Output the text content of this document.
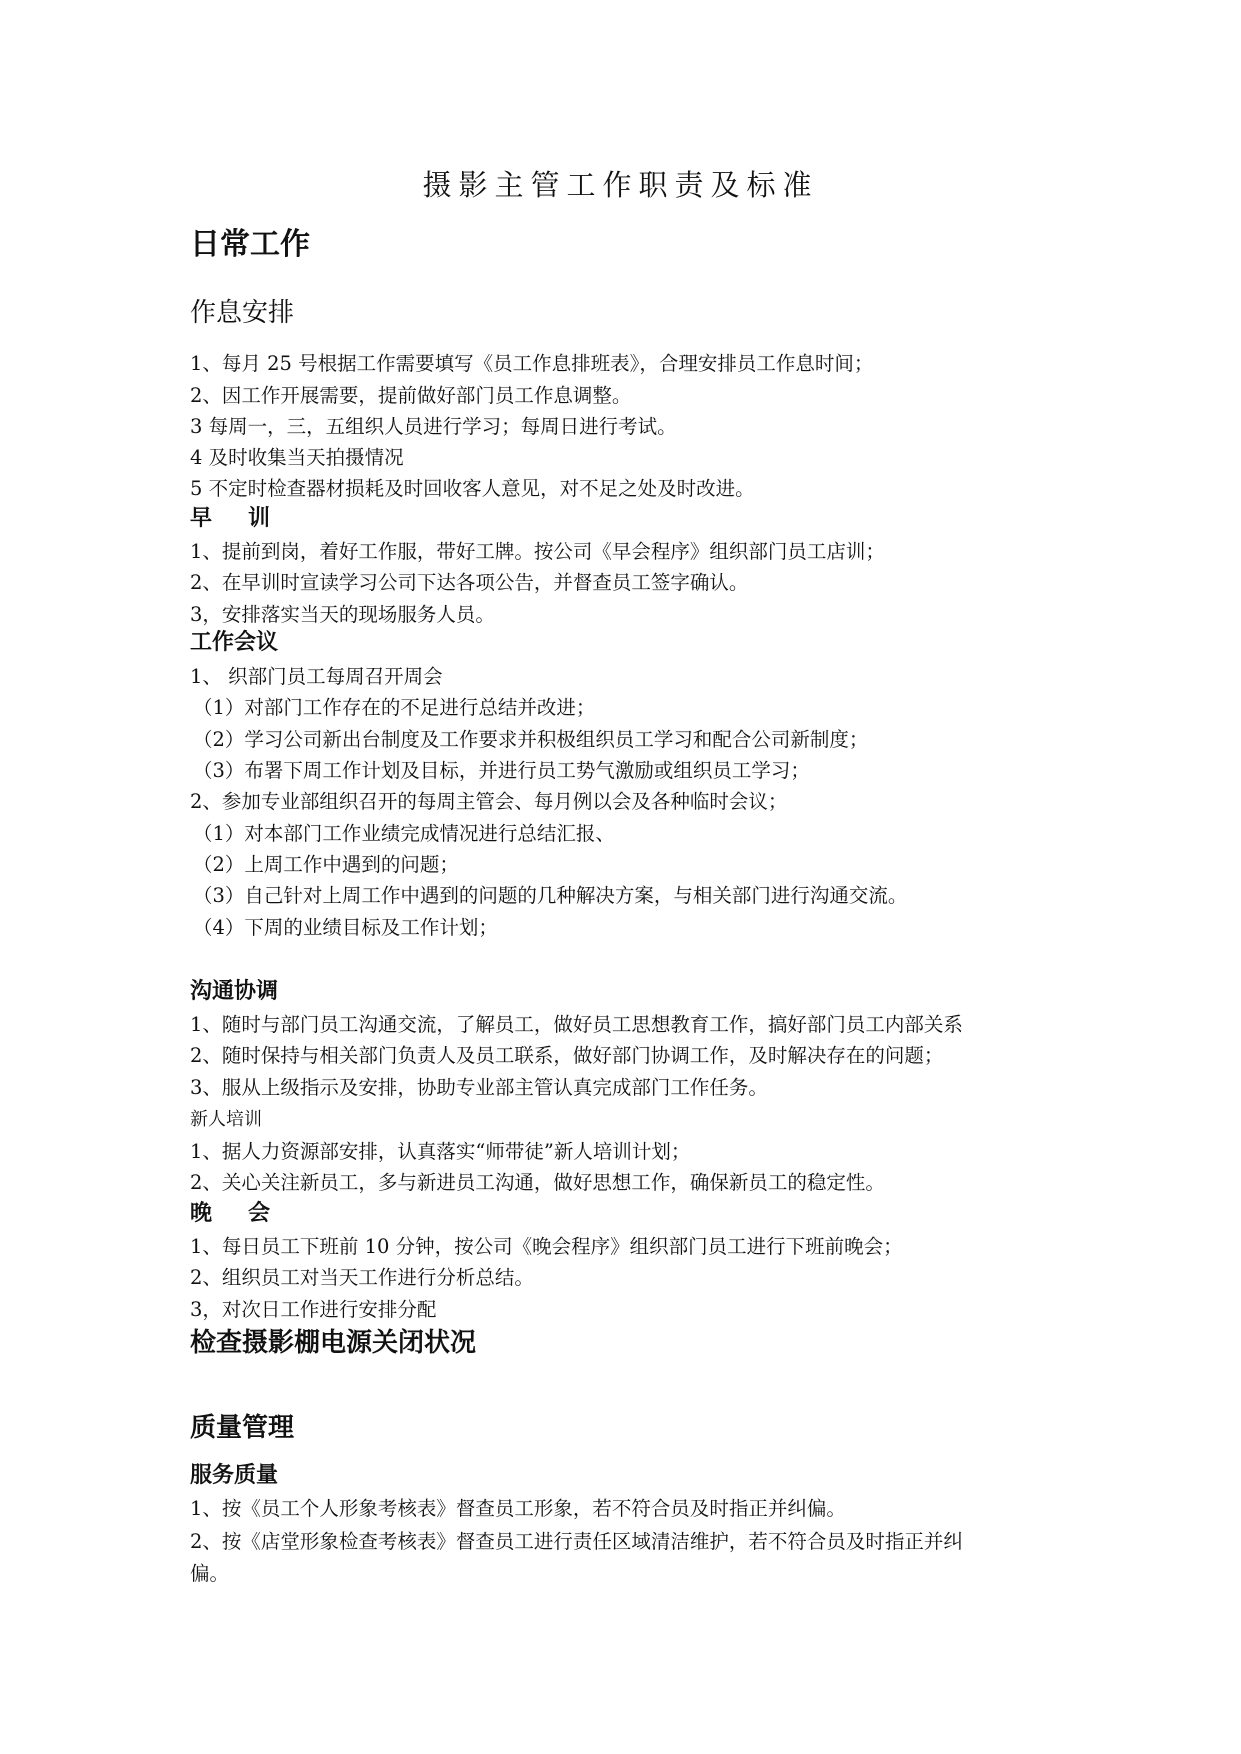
摄影主管工作职责及标准
日常工作
作息安排
1、每月 25 号根据工作需要填写《员工作息排班表》，合理安排员工作息时间；
2、因工作开展需要，提前做好部门员工作息调整。
3 每周一，三，五组织人员进行学习；每周日进行考试。
4 及时收集当天拍摄情况
5 不定时检查器材损耗及时回收客人意见，对不足之处及时改进。
早训
1、提前到岗，着好工作服，带好工牌。按公司《早会程序》组织部门员工店训；
2、在早训时宣读学习公司下达各项公告，并督查员工签字确认。
3，安排落实当天的现场服务人员。
工作会议
1、 织部门员工每周召开周会
（1）对部门工作存在的不足进行总结并改进；
（2）学习公司新出台制度及工作要求并积极组织员工学习和配合公司新制度；
（3）布署下周工作计划及目标，并进行员工势气激励或组织员工学习；
2、参加专业部组织召开的每周主管会、每月例以会及各种临时会议；
（1）对本部门工作业绩完成情况进行总结汇报、
（2）上周工作中遇到的问题；
（3）自己针对上周工作中遇到的问题的几种解决方案，与相关部门进行沟通交流。
（4）下周的业绩目标及工作计划；
沟通协调
1、随时与部门员工沟通交流，了解员工，做好员工思想教育工作，搞好部门员工内部关系
2、随时保持与相关部门负责人及员工联系，做好部门协调工作，及时解决存在的问题；
3、服从上级指示及安排，协助专业部主管认真完成部门工作任务。
新人培训
1、据人力资源部安排，认真落实“师带徒”新人培训计划；
2、关心关注新员工，多与新进员工沟通，做好思想工作，确保新员工的稳定性。
晚会
1、每日员工下班前 10 分钟，按公司《晚会程序》组织部门员工进行下班前晚会；
2、组织员工对当天工作进行分析总结。
3，对次日工作进行安排分配
检查摄影棚电源关闭状况
质量管理
服务质量
1、按《员工个人形象考核表》督查员工形象，若不符合员及时指正并纠偏。
2、按《店堂形象检查考核表》督查员工进行责任区域清洁维护，若不符合员及时指正并纠
偏。
